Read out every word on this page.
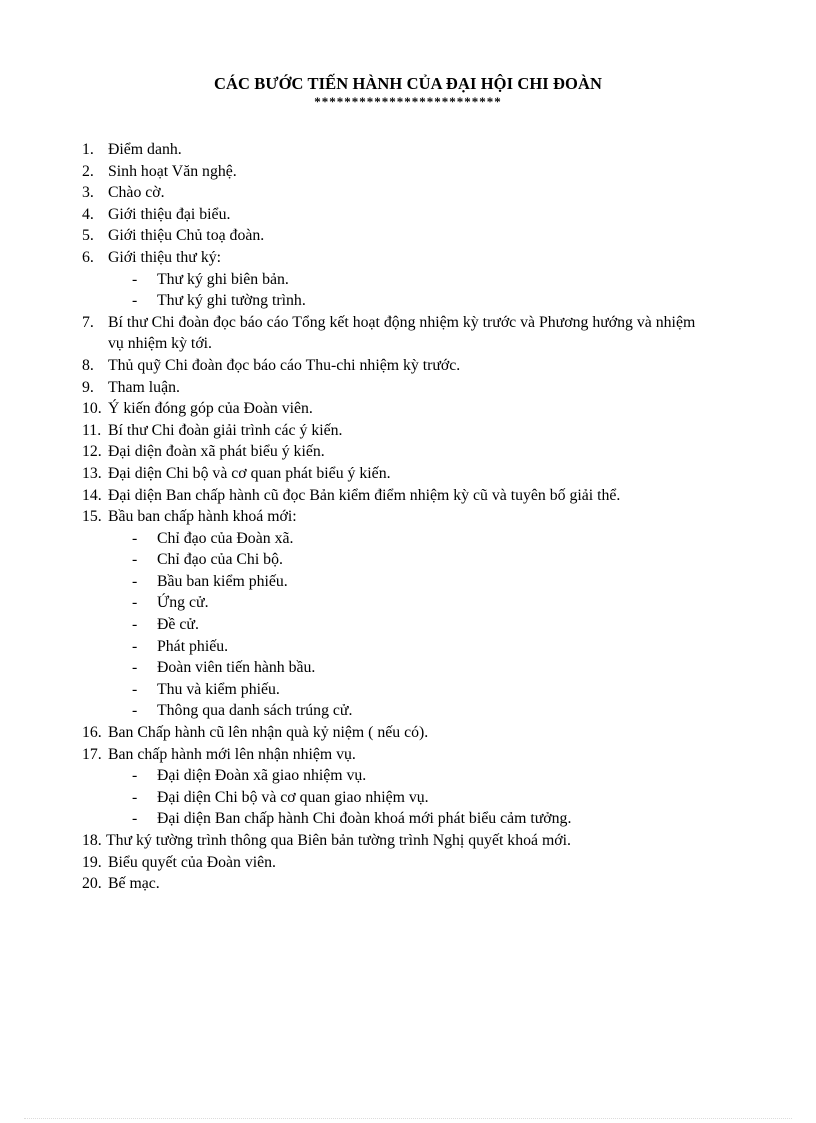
CÁC BƯỚC TIẾN HÀNH CỦA ĐẠI HỘI CHI ĐOÀN
*************************
1. Điểm danh.
2. Sinh hoạt Văn nghệ.
3. Chào cờ.
4. Giới thiệu đại biểu.
5. Giới thiệu Chủ toạ đoàn.
6. Giới thiệu thư ký:
- Thư ký ghi biên bản.
- Thư ký ghi tường trình.
7. Bí thư Chi đoàn đọc báo cáo Tổng kết hoạt động nhiệm kỳ trước và Phương hướng và nhiệm vụ nhiệm kỳ tới.
8. Thủ quỹ Chi đoàn đọc báo cáo Thu-chi nhiệm kỳ trước.
9. Tham luận.
10. Ý kiến đóng góp của Đoàn viên.
11. Bí thư Chi đoàn giải trình các ý kiến.
12. Đại diện đoàn xã phát biểu ý kiến.
13. Đại diện Chi bộ và cơ quan phát biểu ý kiến.
14. Đại diện Ban chấp hành cũ đọc Bản kiểm điểm nhiệm kỳ cũ và tuyên bố giải thể.
15. Bầu ban chấp hành khoá mới:
- Chỉ đạo của Đoàn xã.
- Chỉ đạo của Chi bộ.
- Bầu ban kiểm phiếu.
- Ứng cử.
- Đề cử.
- Phát phiếu.
- Đoàn viên tiến hành bầu.
- Thu và kiểm phiếu.
- Thông qua danh sách trúng cử.
16. Ban Chấp hành cũ lên nhận quà kỷ niệm ( nếu có).
17. Ban chấp hành mới lên nhận nhiệm vụ.
- Đại diện Đoàn xã giao nhiệm vụ.
- Đại diện Chi bộ và cơ quan giao nhiệm vụ.
- Đại diện Ban chấp hành Chi đoàn khoá mới phát biểu cảm tưởng.
18. Thư ký tường trình thông qua Biên bản tường trình Nghị quyết khoá mới.
19. Biểu quyết của Đoàn viên.
20. Bế mạc.
